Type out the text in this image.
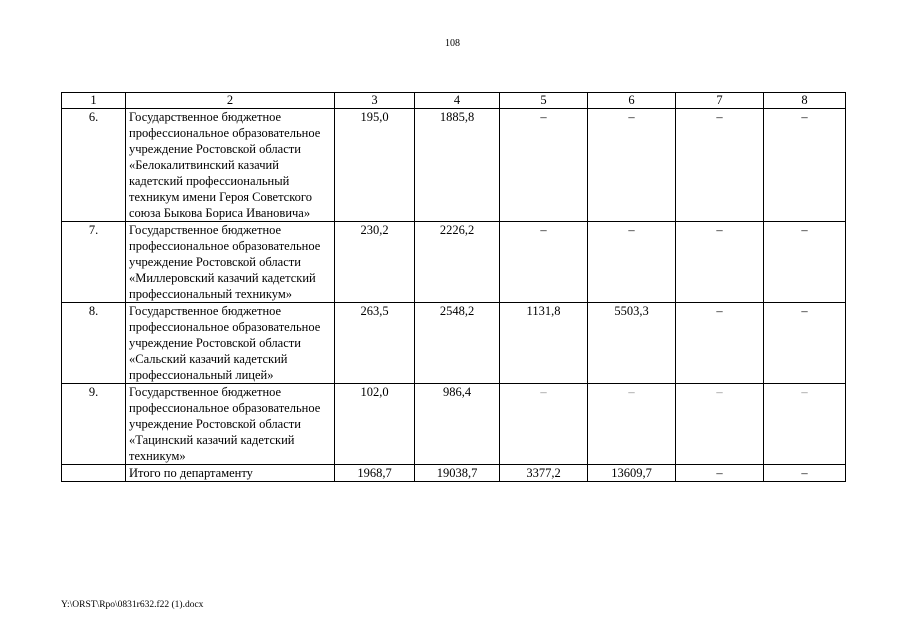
108
1	2	3	4	5	6	7	8
6.	Государственное бюджетное профессиональное образовательное учреждение Ростовской области «Белокалитвинский казачий кадетский профессиональный техникум имени Героя Советского союза Быкова Бориса Ивановича»	195,0	1885,8	–	–	–	–
7.	Государственное бюджетное профессиональное образовательное учреждение Ростовской области «Миллеровский казачий кадетский профессиональный техникум»	230,2	2226,2	–	–	–	–
8.	Государственное бюджетное профессиональное образовательное учреждение Ростовской области «Сальский казачий кадетский профессиональный лицей»	263,5	2548,2	1131,8	5503,3	–	–
9.	Государственное бюджетное профессиональное образовательное учреждение Ростовской области «Тацинский казачий кадетский техникум»	102,0	986,4	–	–	–	–
	Итого по департаменту	1968,7	19038,7	3377,2	13609,7	–	–
Y:\ORST\Rpo\0831r632.f22 (1).docx
